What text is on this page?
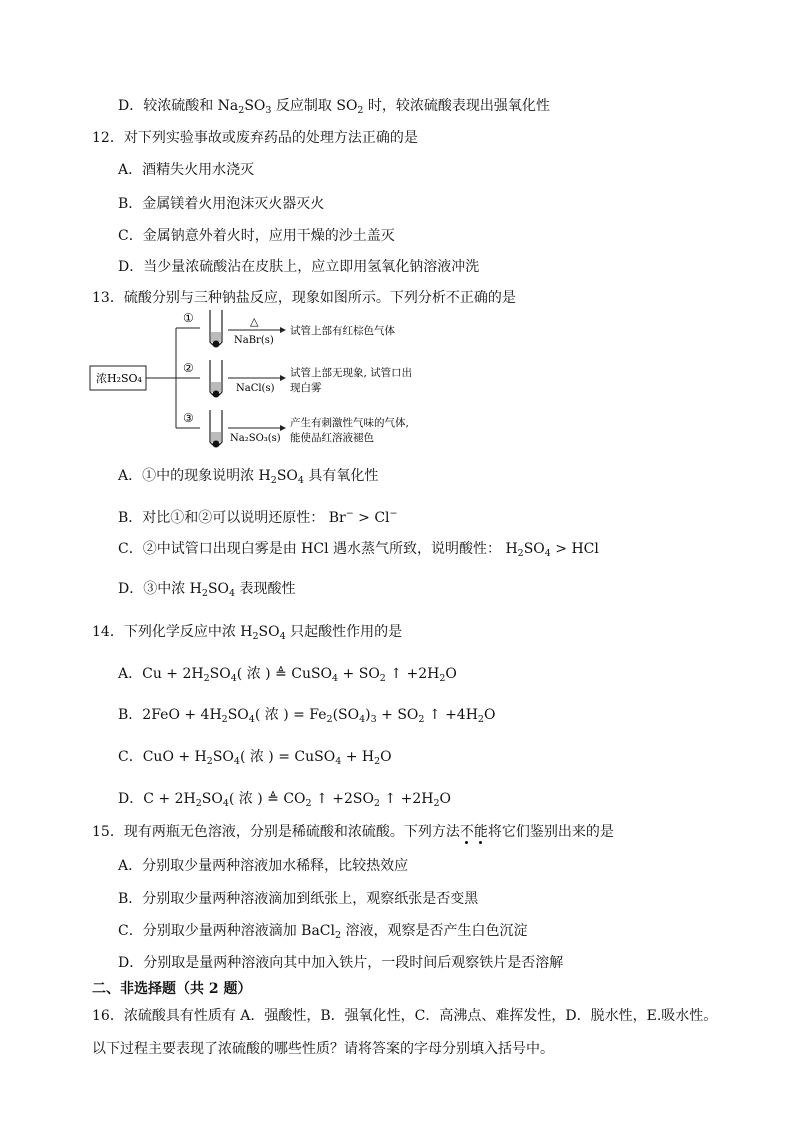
D．较浓硫酸和 $Na_2SO_3$ 反应制取 $SO_2$ 时，较浓硫酸表现出强氧化性
12．对下列实验事故或废弃药品的处理方法正确的是
A．酒精失火用水浇灭
B．金属镁着火用泡沫灭火器灭火
C．金属钠意外着火时，应用干燥的沙土盖灭
D．当少量浓硫酸沾在皮肤上，应立即用氢氧化钠溶液冲洗
13．硫酸分别与三种钠盐反应，现象如图所示。下列分析不正确的是
浓H₂SO₄
①
②
③
△
NaBr(s)
NaCl(s)
Na₂SO₃(s)
试管上部有红棕色气体
试管上部无现象, 试管口出
现白雾
产生有刺激性气味的气体,
能使品红溶液褪色
A．①中的现象说明浓 $H_2SO_4$ 具有氧化性
B．对比①和②可以说明还原性： Br− > Cl−
C．②中试管口出现白雾是由 HCl 遇水蒸气所致，说明酸性： $H_2SO_4$ > HCl
D．③中浓 $H_2SO_4$ 表现酸性
14．下列化学反应中浓 $H_2SO_4$ 只起酸性作用的是
A．$Cu + 2H_2SO_4$( 浓 ) ≜ CuSO$_4$ + $SO_2$ ↑ $+2H_2O$
B．$2FeO + 4H_2SO_4$( 浓 ) = $Fe_2(SO_4)_3 + SO_2$ ↑ $+4H_2O$
C．CuO + $H_2SO_4$( 浓 ) = CuSO$_4$ + $H_2O$
D．$C + 2H_2SO_4$( 浓 ) ≜ $CO_2$ ↑ $+2SO_2$ ↑ $+2H_2O$
15．现有两瓶无色溶液，分别是稀硫酸和浓硫酸。下列方法不能将它们鉴别出来的是
A．分别取少量两种溶液加水稀释，比较热效应
B．分别取少量两种溶液滴加到纸张上，观察纸张是否变黑
C．分别取少量两种溶液滴加 BaCl$_2$ 溶液，观察是否产生白色沉淀
D．分别取是量两种溶液向其中加入铁片，一段时间后观察铁片是否溶解
二、非选择题（共 2 题）
16．浓硫酸具有性质有 A．强酸性，B．强氧化性，C．高沸点、难挥发性，D．脱水性，E.吸水性。
以下过程主要表现了浓硫酸的哪些性质？请将答案的字母分别填入括号中。
